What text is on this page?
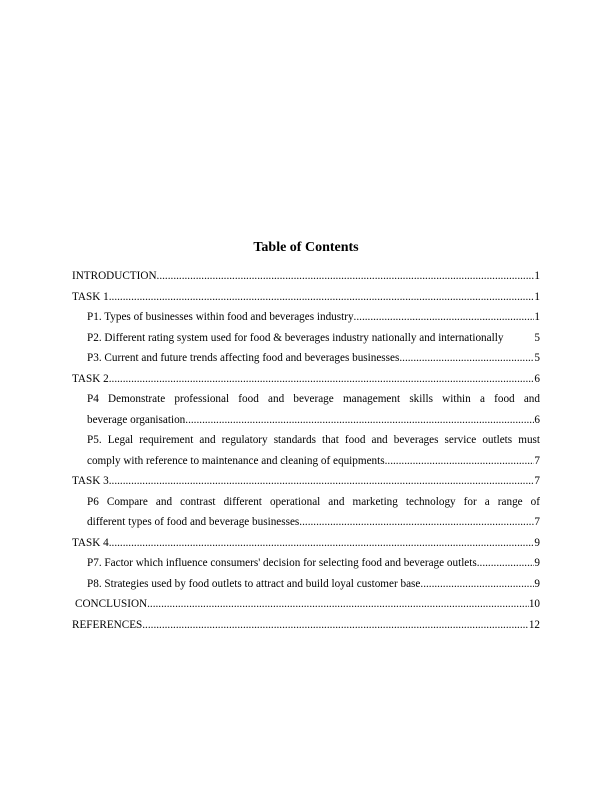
Table of Contents
INTRODUCTION .....	1
TASK 1 .....	1
P1. Types of businesses within food and beverages industry .....	1
P2. Different rating system used for food & beverages industry nationally and internationally	5
P3. Current and future trends affecting food and beverages businesses .....	5
TASK 2 .....	6
P4 Demonstrate professional food and beverage management skills within a food and
beverage organisation .....	6
P5. Legal requirement and regulatory standards that food and beverages service outlets must
comply with reference to maintenance and cleaning of equipments .....	7
TASK 3 .....	7
P6 Compare and contrast different operational and marketing technology for a range of
different types of food and beverage businesses .....	7
TASK 4 .....	9
P7. Factor which influence consumers' decision for selecting food and beverage outlets .....	9
P8. Strategies used by food outlets to attract and build loyal customer base .....	9
CONCLUSION .....	10
REFERENCES .....	12
